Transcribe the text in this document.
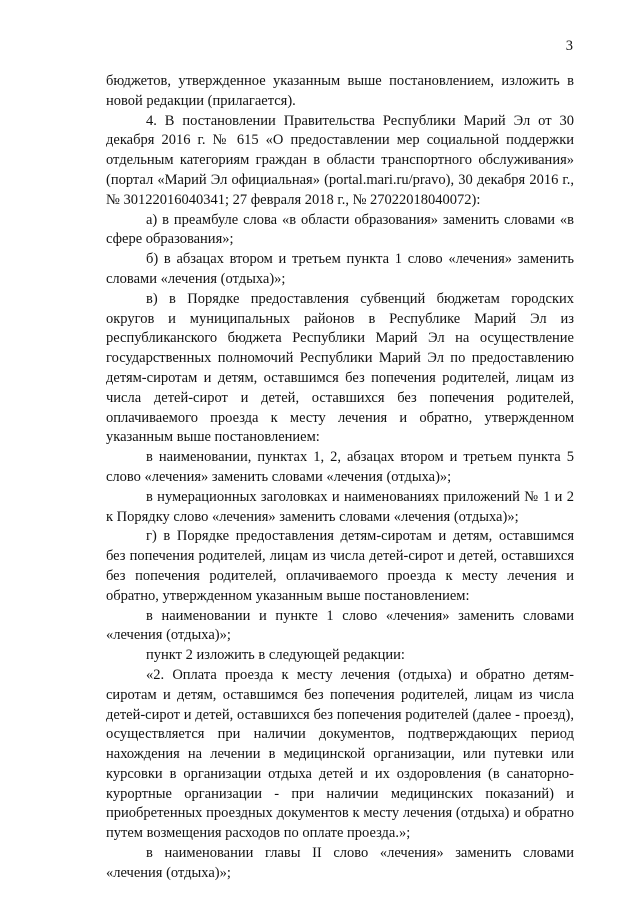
3

бюджетов, утвержденное указанным выше постановлением, изложить в новой редакции (прилагается).

4. В постановлении Правительства Республики Марий Эл от 30 декабря 2016 г. № 615 «О предоставлении мер социальной поддержки отдельным категориям граждан в области транспортного обслуживания» (портал «Марий Эл официальная» (portal.mari.ru/pravo), 30 декабря 2016 г., № 30122016040341; 27 февраля 2018 г., № 27022018040072):

а) в преамбуле слова «в области образования» заменить словами «в сфере образования»;

б) в абзацах втором и третьем пункта 1 слово «лечения» заменить словами «лечения (отдыха)»;

в) в Порядке предоставления субвенций бюджетам городских округов и муниципальных районов в Республике Марий Эл из республиканского бюджета Республики Марий Эл на осуществление государственных полномочий Республики Марий Эл по предоставлению детям-сиротам и детям, оставшимся без попечения родителей, лицам из числа детей-сирот и детей, оставшихся без попечения родителей, оплачиваемого проезда к месту лечения и обратно, утвержденном указанным выше постановлением:

в наименовании, пунктах 1, 2, абзацах втором и третьем пункта 5 слово «лечения» заменить словами «лечения (отдыха)»;

в нумерационных заголовках и наименованиях приложений № 1 и 2 к Порядку слово «лечения» заменить словами «лечения (отдыха)»;

г) в Порядке предоставления детям-сиротам и детям, оставшимся без попечения родителей, лицам из числа детей-сирот и детей, оставшихся без попечения родителей, оплачиваемого проезда к месту лечения и обратно, утвержденном указанным выше постановлением:

в наименовании и пункте 1 слово «лечения» заменить словами «лечения (отдыха)»;

пункт 2 изложить в следующей редакции:

«2. Оплата проезда к месту лечения (отдыха) и обратно детям-сиротам и детям, оставшимся без попечения родителей, лицам из числа детей-сирот и детей, оставшихся без попечения родителей (далее - проезд), осуществляется при наличии документов, подтверждающих период нахождения на лечении в медицинской организации, или путевки или курсовки в организации отдыха детей и их оздоровления (в санаторно-курортные организации - при наличии медицинских показаний) и приобретенных проездных документов к месту лечения (отдыха) и обратно путем возмещения расходов по оплате проезда.»;

в наименовании главы II слово «лечения» заменить словами «лечения (отдыха)»;
